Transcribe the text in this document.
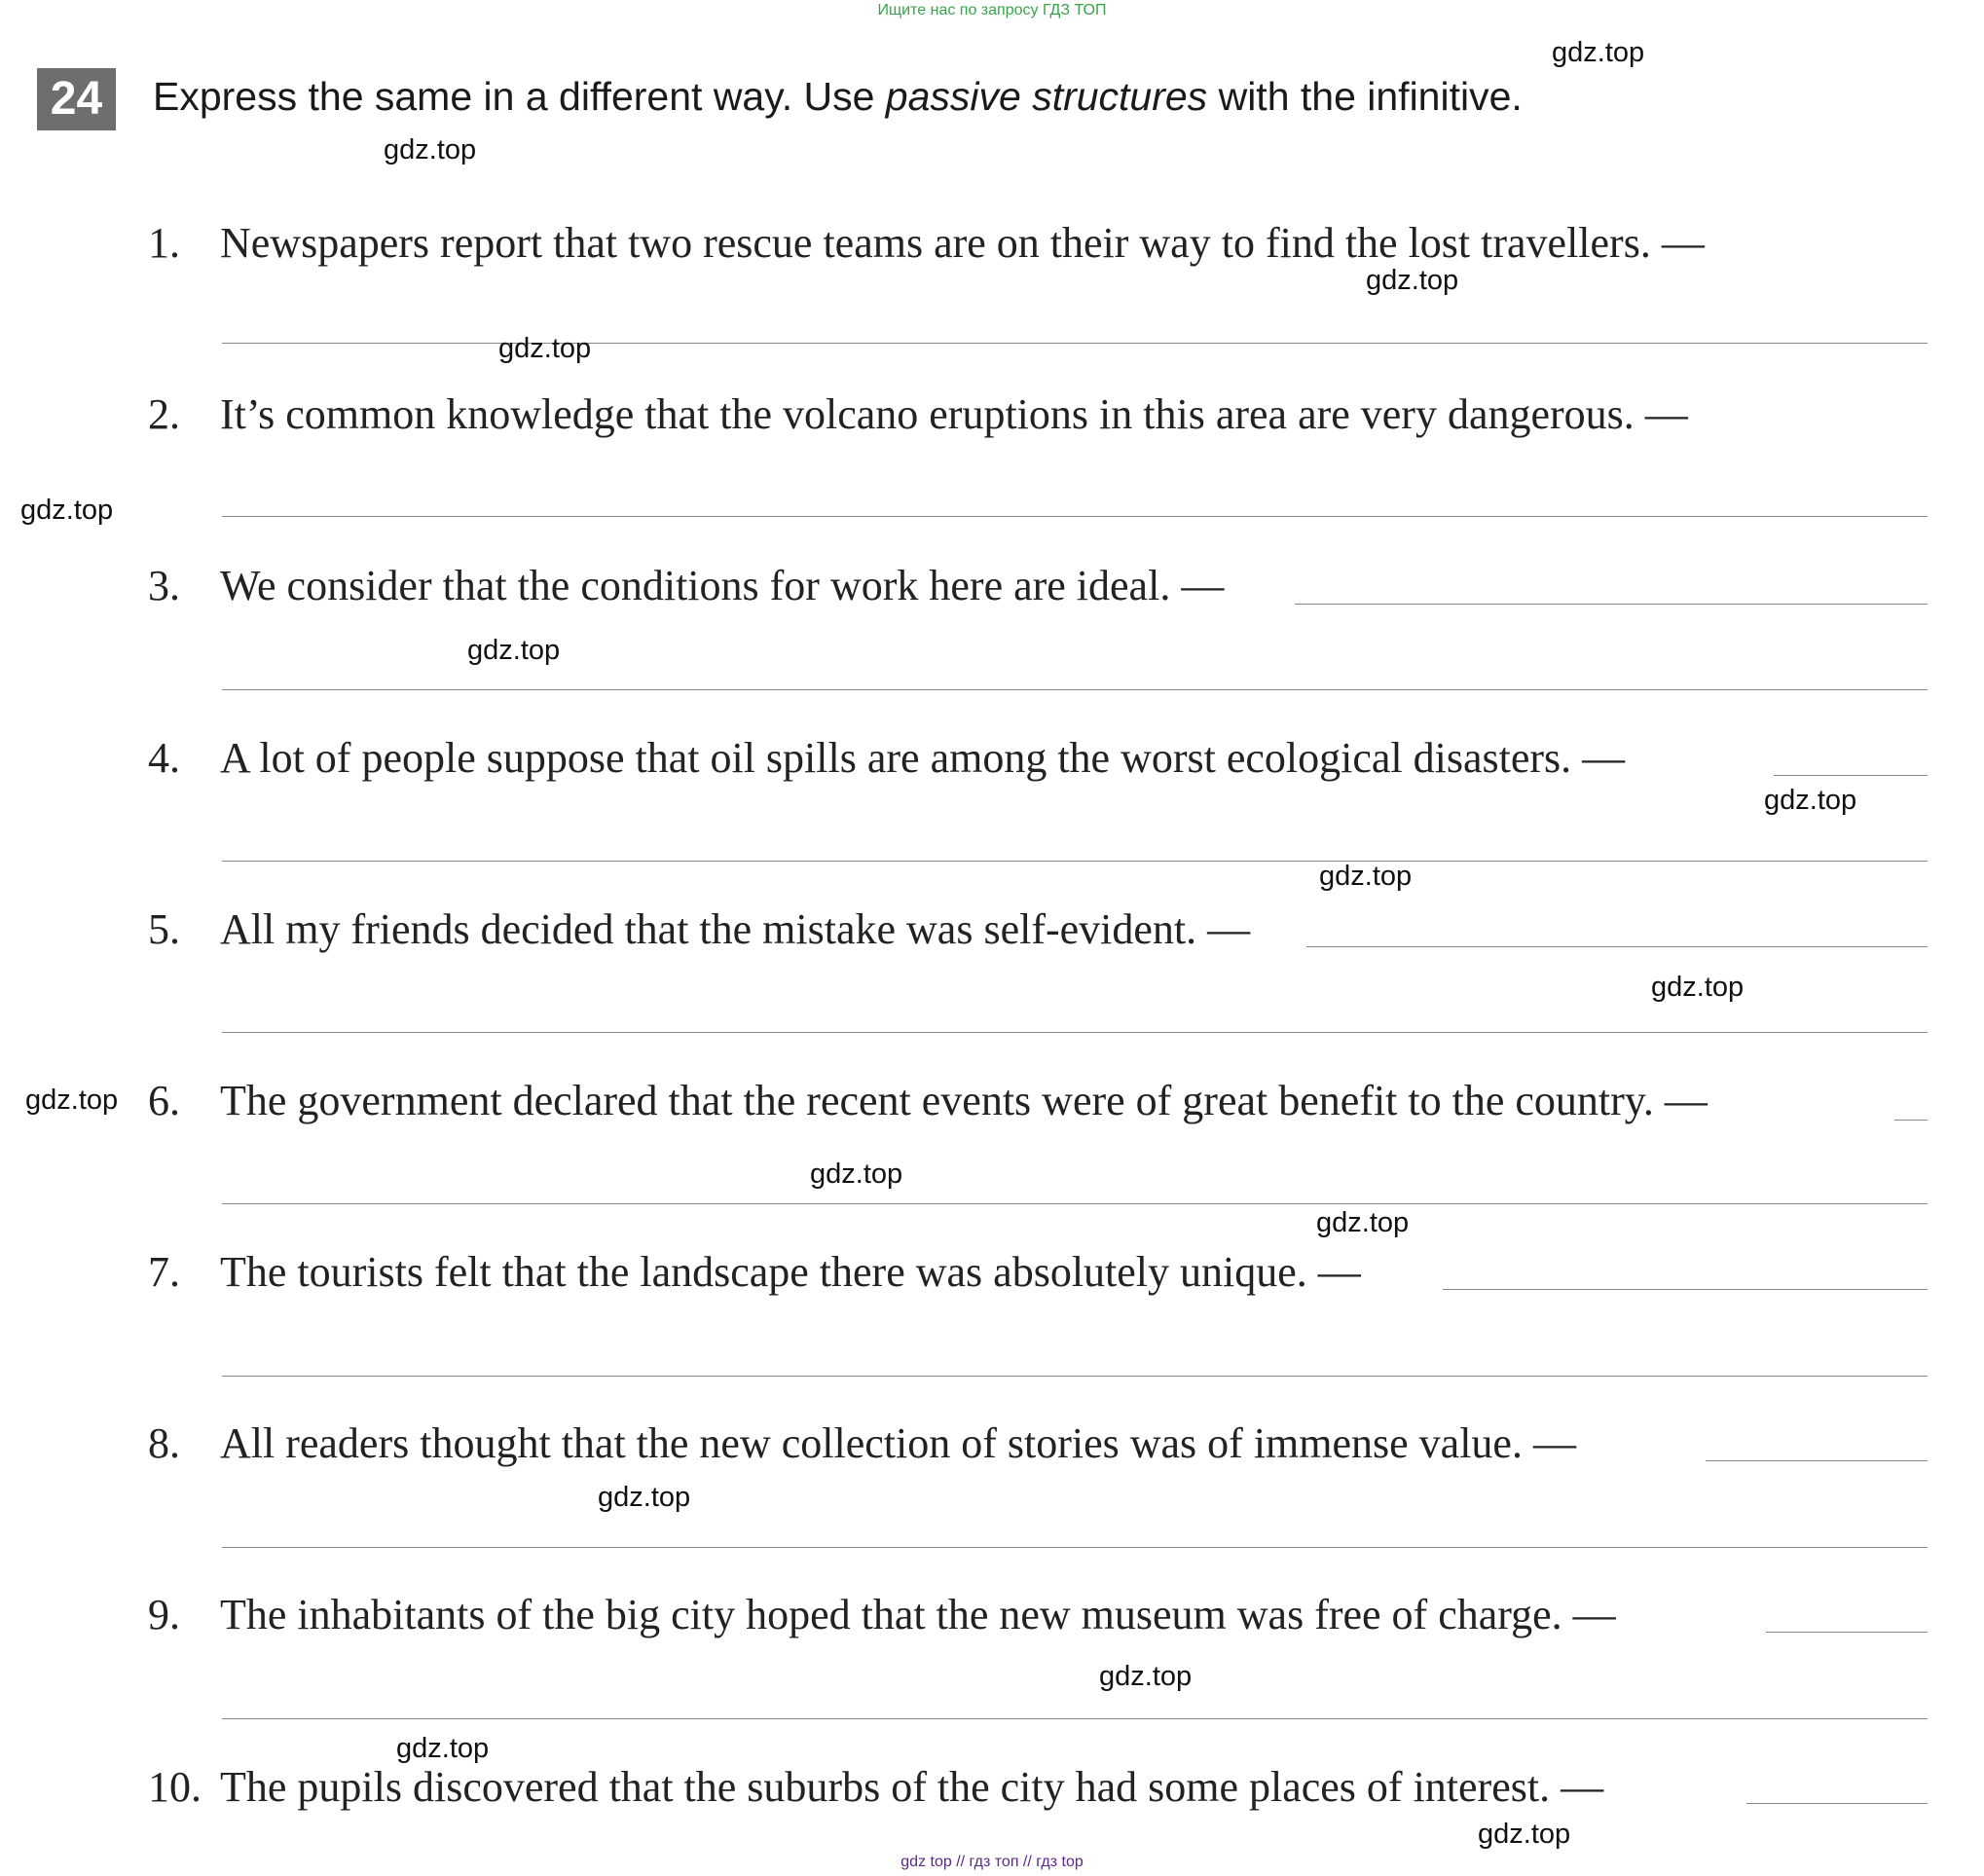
Ищите нас по запросу ГДЗ ТОП
24	Express the same in a different way. Use passive structures with the infinitive.
1. Newspapers report that two rescue teams are on their way to find the lost travellers. —
2. It’s common knowledge that the volcano eruptions in this area are very dangerous. —
3. We consider that the conditions for work here are ideal. —
4. A lot of people suppose that oil spills are among the worst ecological disasters. —
5. All my friends decided that the mistake was self-evident. —
6. The government declared that the recent events were of great benefit to the country. —
7. The tourists felt that the landscape there was absolutely unique. —
8. All readers thought that the new collection of stories was of immense value. —
9. The inhabitants of the big city hoped that the new museum was free of charge. —
10. The pupils discovered that the suburbs of the city had some places of interest. —
gdz.top
gdz.top
gdz.top
gdz.top
gdz.top
gdz.top
gdz.top
gdz.top
gdz.top
gdz.top
gdz.top
gdz.top
gdz.top
gdz.top
gdz.top
gdz.top
gdz top // гдз топ // гдз top
